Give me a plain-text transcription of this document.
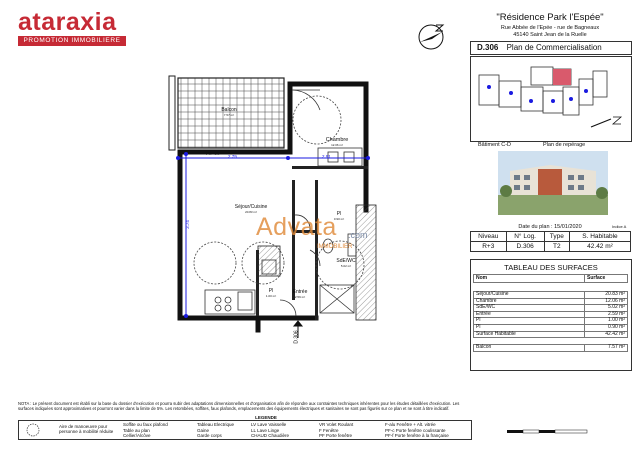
ataraxia
PROMOTION IMMOBILIERE
"Résidence Park l'Espée"
Rue Abbée de l'Epée - rue de Bagneaux
45140 Saint Jean de la Ruelle
D.306 Plan de Commercialisation
Bâtiment C-D	Plan de repérage
Date du plan : 15/01/2020	Indice A
Niveau	N° Log.	Type	S. Habitable
R+3	D.306	T2	42.42 m²
TABLEAU DES SURFACES
Nom	Surface

Séjour/Cuisine	20.83 m²
Chambre	12.06 m²
SdE/WC	5.02 m²
Entrée	2.59 m²
Pl	1.00 m²
Pl	0.90 m²
Surface Habitable	42.42 m²

Balcon	7.57 m²
Balcon
7.57 m²
Chambre
12.06 m²
Séjour/Cuisine
20.83 m²	Pl
0.90 m²
SdE/WC
5.02 m²
Pl
1.00 m²
Entrée
2.59 m²
PR+VR
2.79	2.91
3.74
D.306
Advata .com
IMMOBILIER
NOTA : Le présent document est établi sur la base du dossier d'exécution et pourra subir des adaptations dimensionnelles et d'organisation afin de répondre aux contraintes techniques inhérentes pour les études détaillées d'exécution. Les surfaces indiquées sont approximatives et pourront varier dans la limite de 5%. Les retombées, soffites, faux plafonds, emplacements des équipements électriques et sanitaires ne sont pas figurés sur ce plan et ne sont à titre indicatif.
LEGENDE
Aire de manoeuvre pour personne à mobilité réduite
Soffite ou faux plafond
Table au plan
Cellier/Alcôve
Tableau Electrique
Gaine
Garde corps
LV Lave Vaisselle
LL Lave Linge
CHAUD Chaudière
VR Volet Roulant
F Fenêtre
PF Porte fenêtre
F-alu Fenêtre + Alt. vitrée
PF-c Porte fenêtre coulissante
PF-f Porte fenêtre à la française
